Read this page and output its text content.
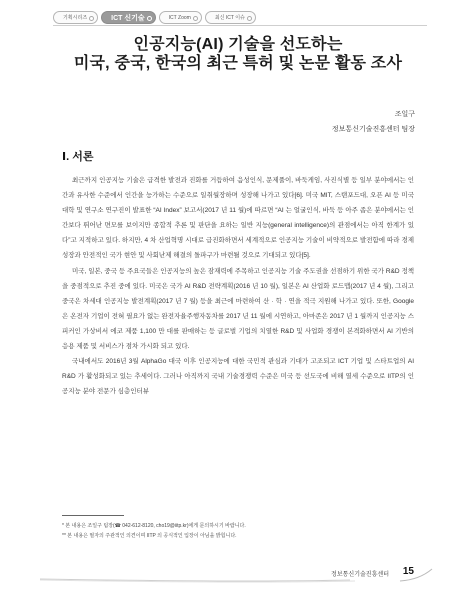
기획시리즈	ICT 신기술	ICT Zoom	최신 ICT 이슈
인공지능(AI) 기술을 선도하는
미국, 중국, 한국의 최근 특허 및 논문 활동 조사
조일구
정보통신기술진흥센터 팀장
Ⅰ. 서론

최근까지 인공지능 기술은 급격한 발전과 진화를 거듭하여 음성인식, 문제풀이, 바둑게임, 사진식별 등 일부 분야에서는 인간과 유사한 수준에서 인간을 능가하는 수준으로 일취월장하며 성장해 나가고 있다[6]. 미국 MIT, 스탠포드대, 오픈 AI 등 미국 대학 및 연구소 연구진이 발표한 “AI Index” 보고서(2017 년 11 월)에 따르면 “AI 는 얼굴인식, 바둑 등 아주 좁은 분야에서는 인간보다 뛰어난 면모를 보이지만 종합적 추론 및 판단을 요하는 일반 지능(general intelligence)의 관점에서는 아직 한계가 있다”고 지적하고 있다. 하지만, 4 차 산업혁명 시대로 급진화하면서 세계적으로 인공지능 기술이 비약적으로 발전함에 따라 경제성장과 안전적인 국가 현안 및 사회난제 해결의 돌파구가 마련될 것으로 기대되고 있다[5].

미국, 일본, 중국 등 주요국들은 인공지능의 높은 잠재력에 주목하고 인공지능 기술 주도권을 선점하기 위한 국가 R&D 정책을 중점적으로 추진 중에 있다. 미국은 국가 AI R&D 전략계획(2016 년 10 월), 일본은 AI 산업화 로드맵(2017 년 4 월), 그리고 중국은 차세대 인공지능 발전계획(2017 년 7 월) 등을 최근에 마련하여 산 · 학 · 연을 적극 지원해 나가고 있다. 또한, Google 은 온전자 기업이 전혀 필요가 없는 완전자율주행자동차를 2017 년 11 월에 시연하고, 아마존은 2017 년 1 월까지 인공지능 스피커인 가상비서 에코 제품 1,100 만 대를 판매하는 등 글로벌 기업의 치열한 R&D 및 사업화 경쟁이 본격화하면서 AI 기반의 응용 제품 및 서비스가 점차 가시화 되고 있다.

국내에서도 2016년 3월 AlphaGo 대국 이후 인공지능에 대한 국민적 관심과 기대가 고조되고 ICT 기업 및 스타트업의 AI R&D 가 활성화되고 있는 추세이다. 그러나 아직까지 국내 기술경쟁력 수준은 미국 등 선도국에 비해 열세 수준으로 IITP의 인공지능 분야 전문가 심층인터뷰

* 본 내용은 조일구 팀장(☎ 042-612-8120, cho19@iitp.kr)에게 문의하시기 바랍니다.
** 본 내용은 필자의 주관적인 의견이며 IITP 의 공식적인 입장이 아님을 밝힙니다.
정보통신기술진흥센터 15
